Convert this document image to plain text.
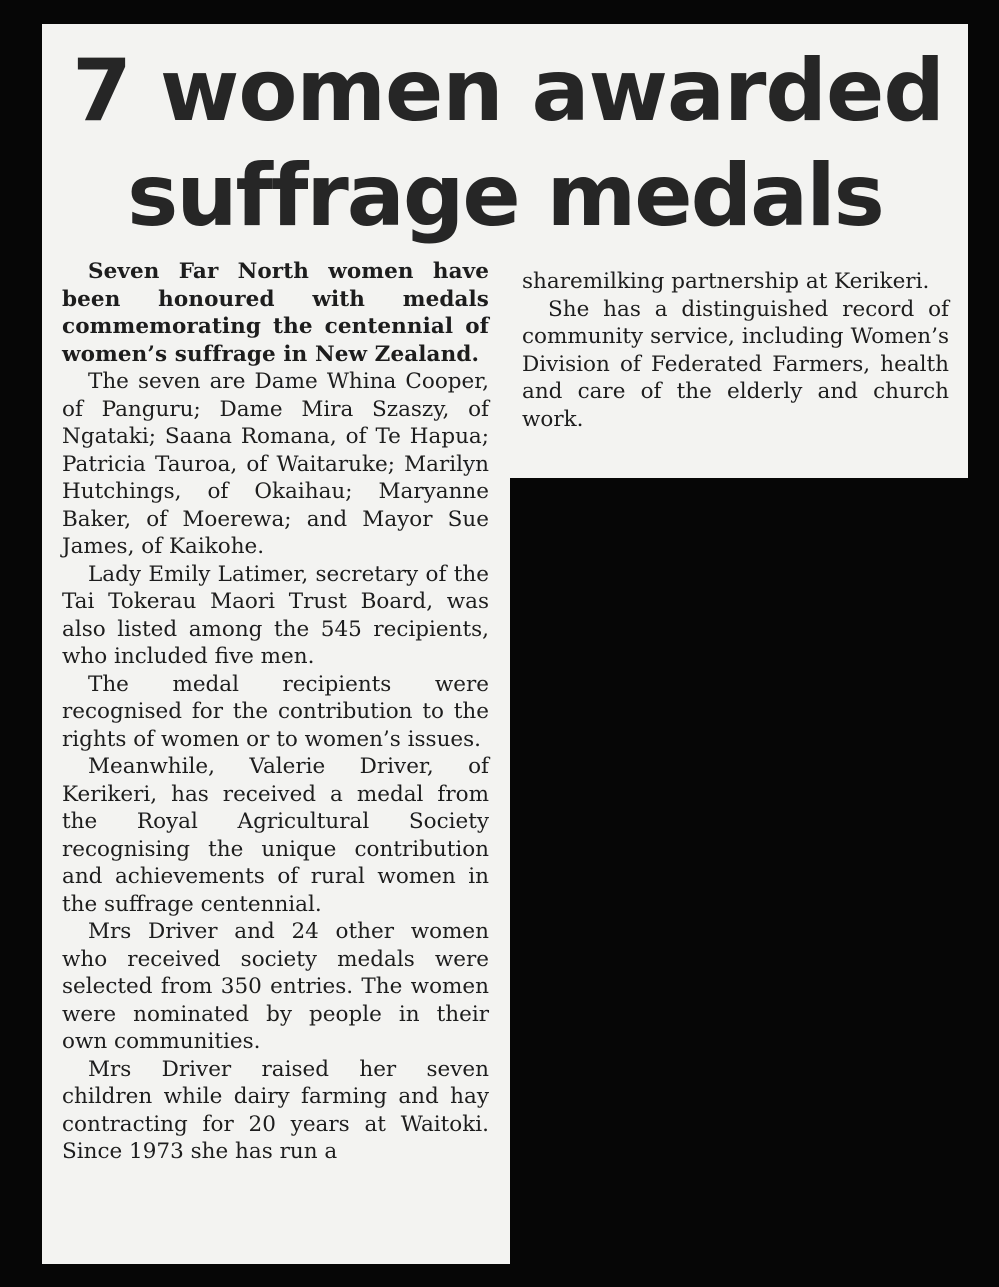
7 women awarded
suffrage medals

Seven Far North women have been honoured with medals commemorating the centennial of women’s suffrage in New Zealand.

The seven are Dame Whina Cooper, of Panguru; Dame Mira Szaszy, of Ngataki; Saana Romana, of Te Hapua; Patricia Tauroa, of Waitaruke; Marilyn Hutchings, of Okaihau; Maryanne Baker, of Moerewa; and Mayor Sue James, of Kaikohe.

Lady Emily Latimer, secretary of the Tai Tokerau Maori Trust Board, was also listed among the 545 recipients, who included five men.

The medal recipients were recognised for the contribution to the rights of women or to women’s issues.

Meanwhile, Valerie Driver, of Kerikeri, has received a medal from the Royal Agricultural Society recognising the unique contribution and achievements of rural women in the suffrage centennial.

Mrs Driver and 24 other women who received society medals were selected from 350 entries. The women were nominated by people in their own communities.

Mrs Driver raised her seven children while dairy farming and hay contracting for 20 years at Waitoki. Since 1973 she has run a

sharemilking partnership at Kerikeri.

She has a distinguished record of community service, including Women’s Division of Federated Farmers, health and care of the elderly and church work.
